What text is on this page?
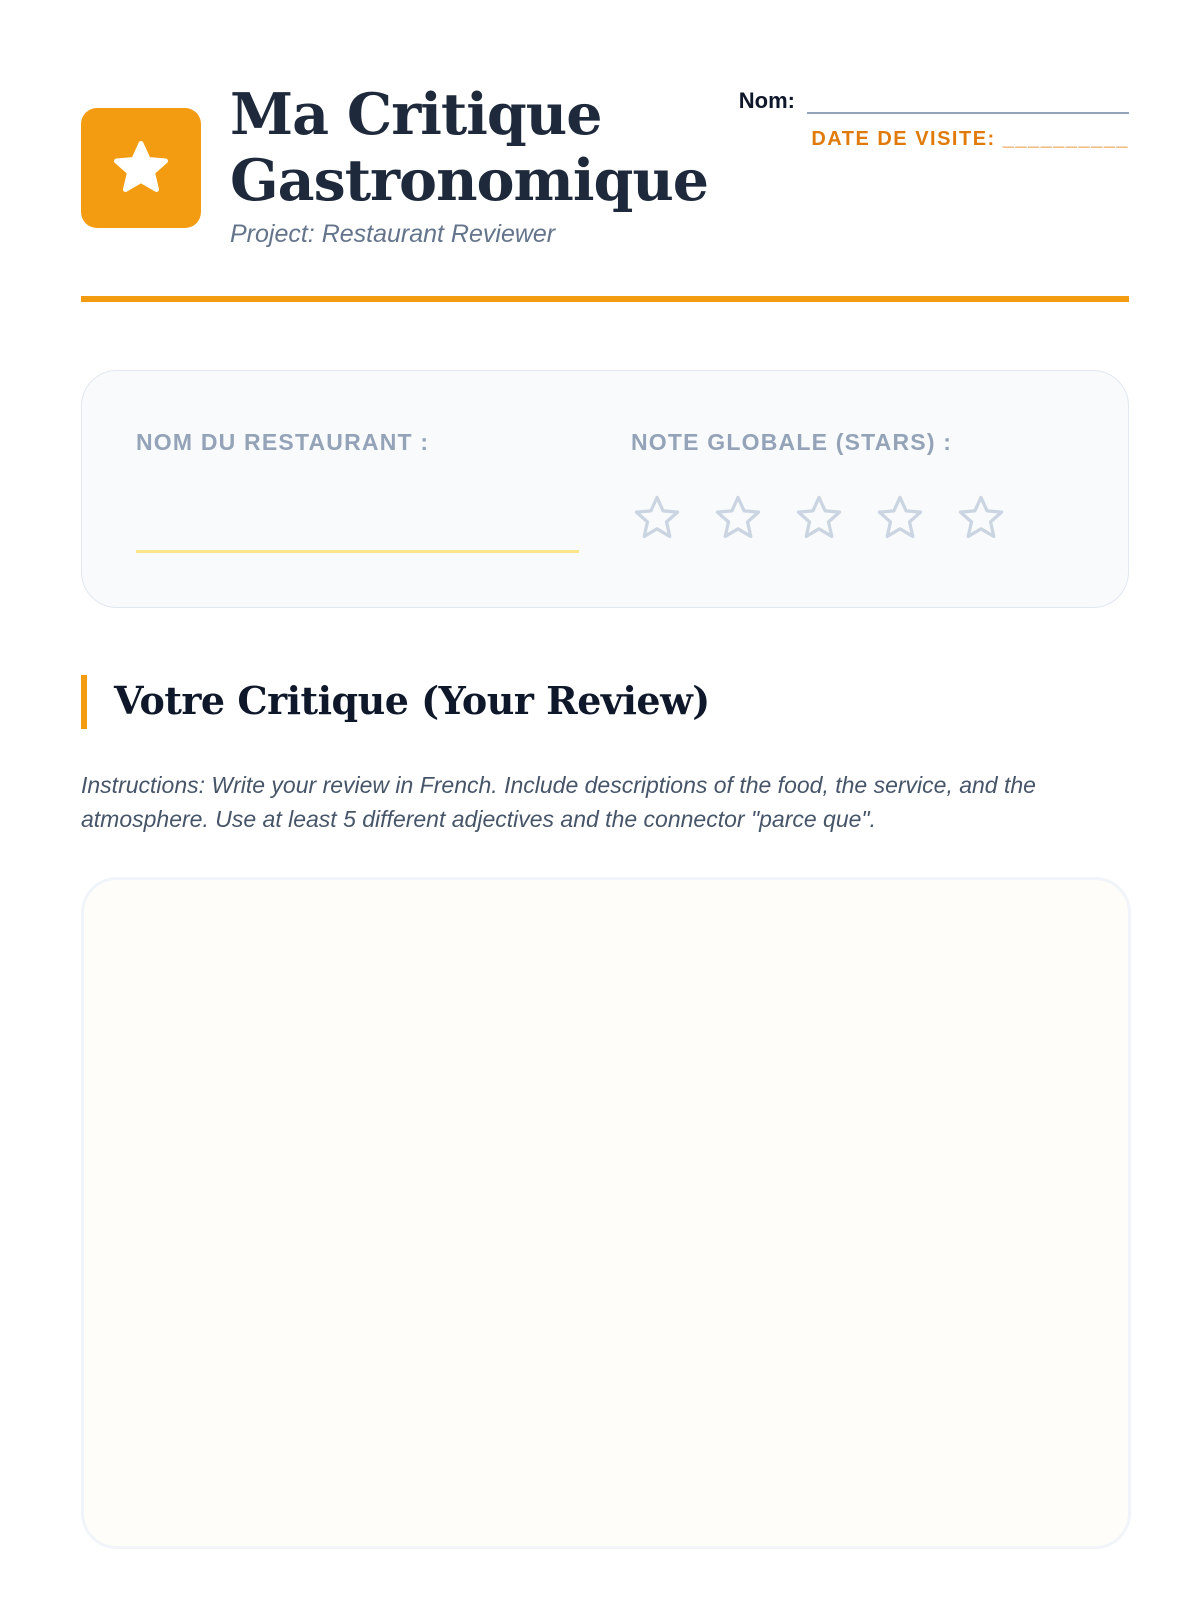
Ma Critique
Gastronomique
Project: Restaurant Reviewer
Nom:
DATE DE VISITE: __________
NOM DU RESTAURANT :	NOTE GLOBALE (STARS) :
Votre Critique (Your Review)
Instructions: Write your review in French. Include descriptions of the food, the service, and the atmosphere. Use at least 5 different adjectives and the connector "parce que".
